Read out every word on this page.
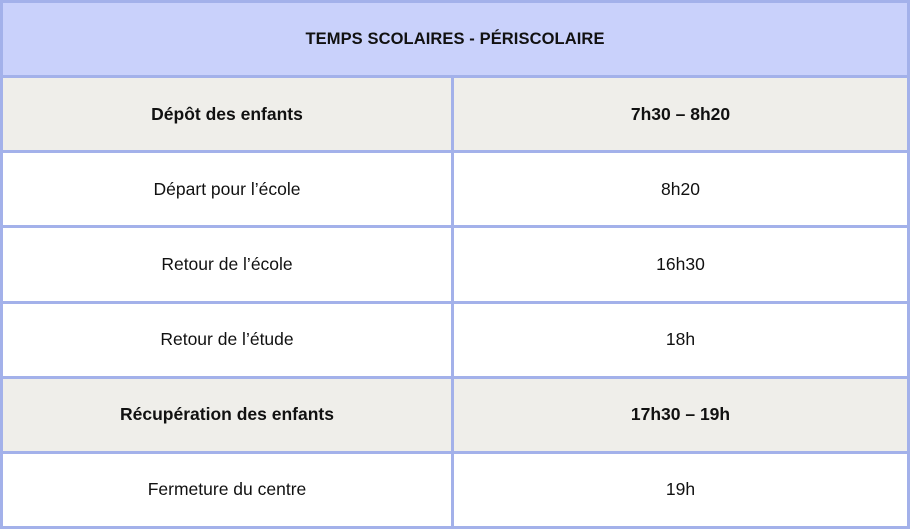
TEMPS SCOLAIRES - PÉRISCOLAIRE
Dépôt des enfants	7h30 – 8h20
Départ pour l’école	8h20
Retour de l’école	16h30
Retour de l’étude	18h
Récupération des enfants	17h30 – 19h
Fermeture du centre	19h
